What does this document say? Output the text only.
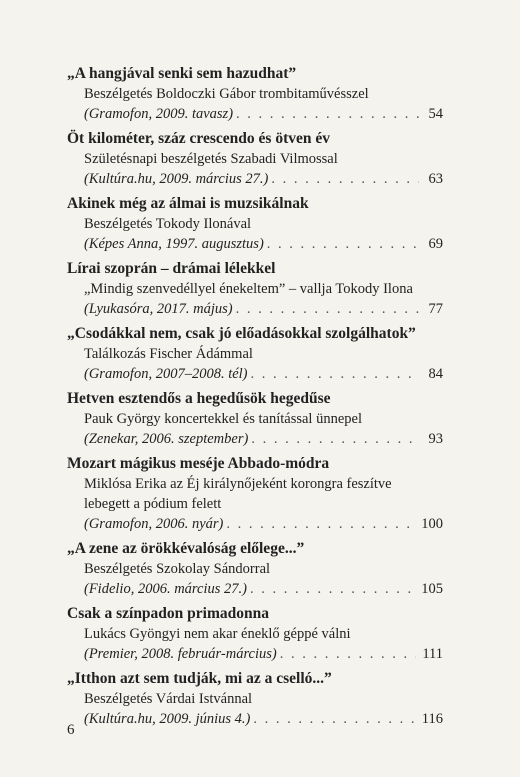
„A hangjával senki sem hazudhat”
Beszélgetés Boldoczki Gábor trombitaművésszel
(Gramofon, 2009. tavasz) . . .	54
Öt kilométer, száz crescendo és ötven év
Születésnapi beszélgetés Szabadi Vilmossal
(Kultúra.hu, 2009. március 27.) . . .	63
Akinek még az álmai is muzsikálnak
Beszélgetés Tokody Ilonával
(Képes Anna, 1997. augusztus) . . .	69
Lírai szoprán – drámai lélekkel
„Mindig szenvedéllyel énekeltem” – vallja Tokody Ilona
(Lyukasóra, 2017. május) . . .	77
„Csodákkal nem, csak jó előadásokkal szolgálhatok”
Találkozás Fischer Ádámmal
(Gramofon, 2007–2008. tél) . . .	84
Hetven esztendős a hegedűsök hegedűse
Pauk György koncertekkel és tanítással ünnepel
(Zenekar, 2006. szeptember) . . .	93
Mozart mágikus meséje Abbado-módra
Miklósa Erika az Éj királynőjeként korongra feszítve
lebegett a pódium felett
(Gramofon, 2006. nyár) . . .	100
„A zene az örökkévalóság előlege...”
Beszélgetés Szokolay Sándorral
(Fidelio, 2006. március 27.) . . .	105
Csak a színpadon primadonna
Lukács Gyöngyi nem akar éneklő géppé válni
(Premier, 2008. február-március) . . .	111
„Itthon azt sem tudják, mi az a cselló...”
Beszélgetés Várdai Istvánnal
(Kultúra.hu, 2009. június 4.) . . .	116
6
